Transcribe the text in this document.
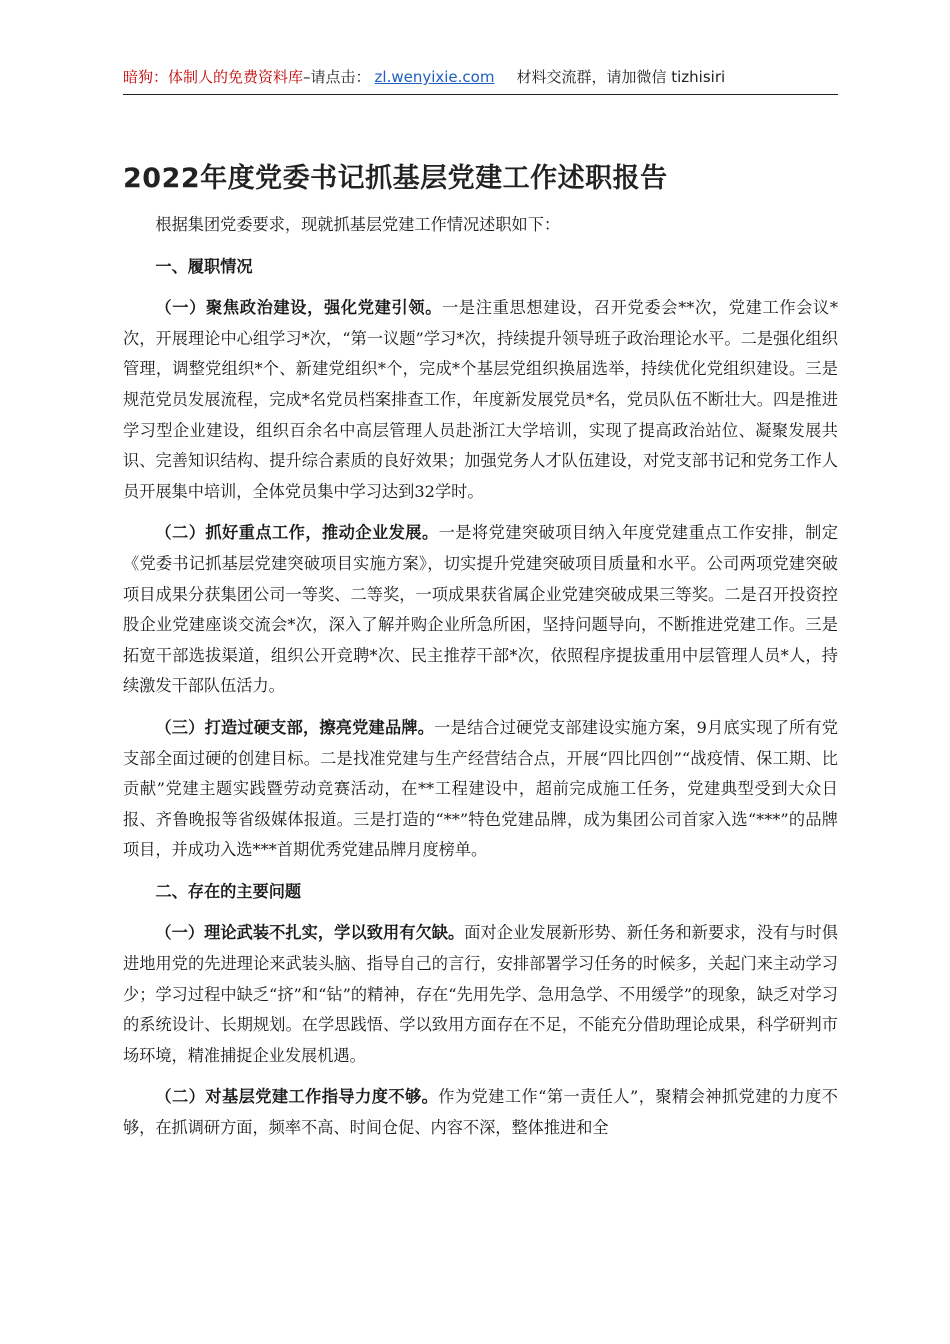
暗狗：体制人的免费资料库–请点击： zl.wenyixie.com 材料交流群，请加微信 tizhisiri
2022年度党委书记抓基层党建工作述职报告

根据集团党委要求，现就抓基层党建工作情况述职如下：

一、履职情况

（一）聚焦政治建设，强化党建引领。一是注重思想建设，召开党委会**次，党建工作会议*次，开展理论中心组学习*次，“第一议题”学习*次，持续提升领导班子政治理论水平。二是强化组织管理，调整党组织*个、新建党组织*个，完成*个基层党组织换届选举，持续优化党组织建设。三是规范党员发展流程，完成*名党员档案排查工作，年度新发展党员*名，党员队伍不断壮大。四是推进学习型企业建设，组织百余名中高层管理人员赴浙江大学培训，实现了提高政治站位、凝聚发展共识、完善知识结构、提升综合素质的良好效果；加强党务人才队伍建设，对党支部书记和党务工作人员开展集中培训，全体党员集中学习达到32学时。

（二）抓好重点工作，推动企业发展。一是将党建突破项目纳入年度党建重点工作安排，制定《党委书记抓基层党建突破项目实施方案》，切实提升党建突破项目质量和水平。公司两项党建突破项目成果分获集团公司一等奖、二等奖，一项成果获省属企业党建突破成果三等奖。二是召开投资控股企业党建座谈交流会*次，深入了解并购企业所急所困，坚持问题导向，不断推进党建工作。三是拓宽干部选拔渠道，组织公开竞聘*次、民主推荐干部*次，依照程序提拔重用中层管理人员*人，持续激发干部队伍活力。

（三）打造过硬支部，擦亮党建品牌。一是结合过硬党支部建设实施方案，9月底实现了所有党支部全面过硬的创建目标。二是找准党建与生产经营结合点，开展“四比四创”“战疫情、保工期、比贡献”党建主题实践暨劳动竞赛活动，在**工程建设中，超前完成施工任务，党建典型受到大众日报、齐鲁晚报等省级媒体报道。三是打造的“**”特色党建品牌，成为集团公司首家入选“***”的品牌项目，并成功入选***首期优秀党建品牌月度榜单。

二、存在的主要问题

（一）理论武装不扎实，学以致用有欠缺。面对企业发展新形势、新任务和新要求，没有与时俱进地用党的先进理论来武装头脑、指导自己的言行，安排部署学习任务的时候多，关起门来主动学习少；学习过程中缺乏“挤”和“钻”的精神，存在“先用先学、急用急学、不用缓学”的现象，缺乏对学习的系统设计、长期规划。在学思践悟、学以致用方面存在不足，不能充分借助理论成果，科学研判市场环境，精准捕捉企业发展机遇。

（二）对基层党建工作指导力度不够。作为党建工作“第一责任人”，聚精会神抓党建的力度不够，在抓调研方面，频率不高、时间仓促、内容不深，整体推进和全
